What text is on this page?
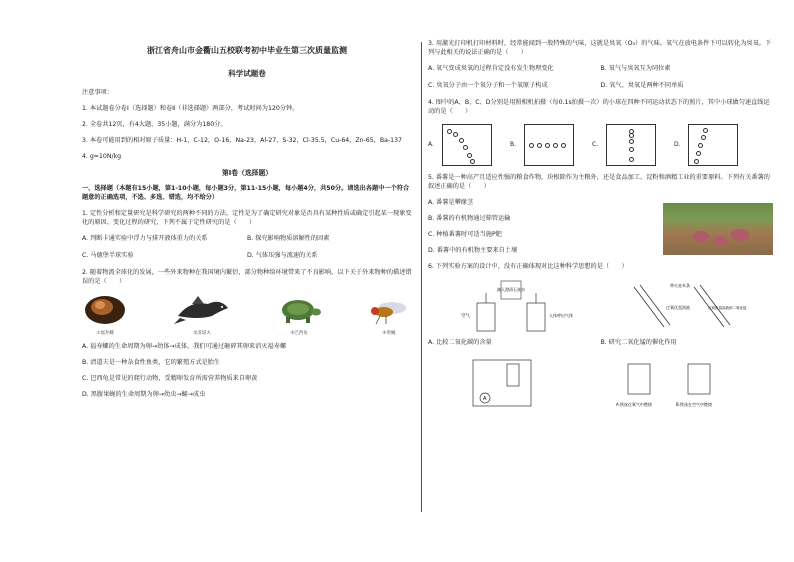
浙江省舟山市金衢山五校联考初中毕业生第三次质量监测
科学试题卷
注意事项：
1. 本试题卷分卷Ⅰ（选择题）和卷Ⅱ（非选择题）两部分，考试时间为120分钟。
2. 全卷共12页，有4大题，35小题，满分为180分。
3. 本卷可能用到的相对原子质量：H-1，C-12，O-16，Na-23，Al-27，S-32，Cl-35.5，Cu-64，Zn-65，Ba-137
4. g=10N/kg
第Ⅰ卷（选择题）
一、选择题（本题有15小题，第1-10小题，每小题3分，第11-15小题，每小题4分，共50分。请选出各题中一个符合题意的正确选项，不选、多选、错选，均不给分）
1. 定性分析和定量研究是科学研究的两种不同的方法，定性是为了确定研究对象是否具有某种性质或确定引起某一现象变化的原因、变化过程的研究，下列不属于定性研究的是（　　）
A. 判断卡通实验中浮力与排开液体重力的关系	B. 探究影响物质溶解性的因素
C. 马德堡半球实验	D. 气体压强与流速的关系
2. 随着物流全球化的发展，一些外来物种在我国境内繁衍，部分物种给环境带来了不良影响，以下关于外来物种的描述错误的是（　　）
①福寿螺	②清道夫	③巴西龟	④果蝇
A. 福寿螺的生命周期为卵→幼体→成体，我们可通过砸碎其卵来消灭福寿螺
B. 清道夫是一种杂食性鱼类，它的繁殖方式是胎生
C. 巴西龟是常见的爬行动物，受精卵发育所需营养物质来自卵黄
D. 黑腹果蝇的生命周期为卵→幼虫→蛹→成虫
3. 用激光打印机打印材料时，经常能闻到一股特殊的气味，这就是臭氧（O₃）的气味。氧气在放电条件下可以转化为臭氧。下列与此相关的说法正确的是（　　）
A. 氧气变成臭氧的过程肯定没有发生物理变化	B. 氧气与臭氧互为同位素
C. 臭氧分子由一个氧分子和一个氧原子构成	D. 氧气、臭氧是两种不同单质
4. 图中的A、B、C、D分别是用照相机拍摄（每0.1s拍摄一次）的小球在四种不同运动状态下的照片，其中小球做匀速直线运动的是（　　）
A.	B.	C.	D.
5. 番薯是一种高产且适应性强的粮食作物，块根除作为主粮外，还是食品加工、淀粉和酒精工业的重要原料。下列有关番薯的叙述正确的是（　　）
A. 番薯是攀缘茎
B. 番薯的有机物通过筛管运输
C. 种植番薯时可适当施P肥
D. 番薯中的有机物主要来自土壤
6. 下列实验方案的设计中，没有正确体现对比这种科学思想的是（　　）
滴入澄清石灰水
空气	人体呼出气体
带火星木条
过氧化氢溶液	过氧化氢溶液和二氧化锰
A. 比较二氧化碳的含量	B. 研究二氧化锰的催化作用
A
A.铁丝在氧气中燃烧	B.铁丝在空气中燃烧
